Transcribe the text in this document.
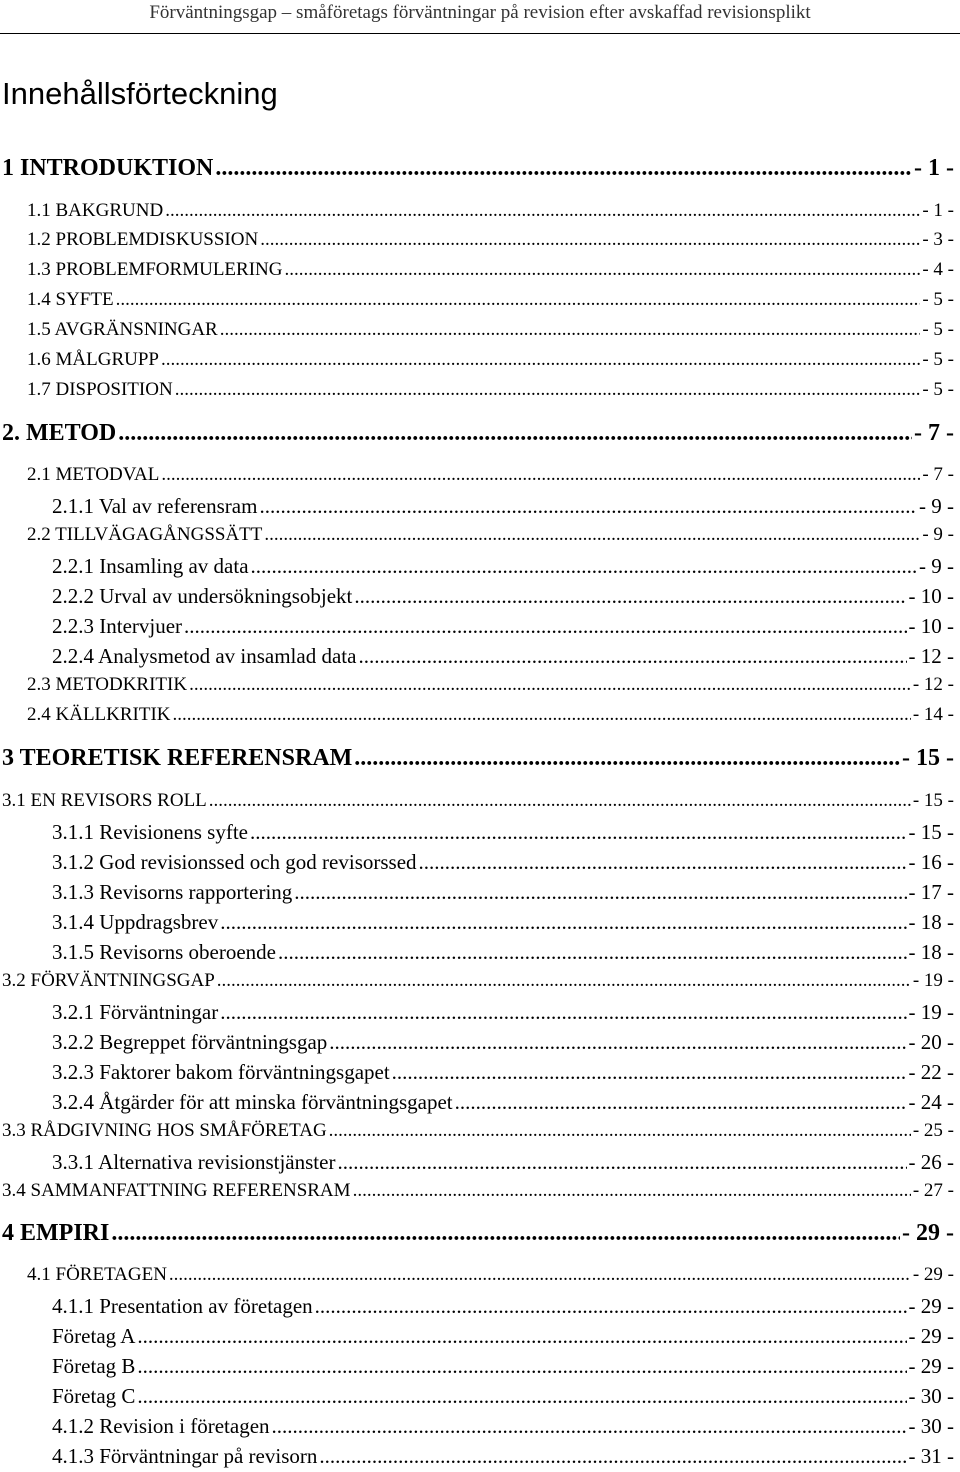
Förväntningsgap – småföretags förväntningar på revision efter avskaffad revisionsplikt
Innehållsförteckning
1 INTRODUKTION .....	- 1 -
1.1 BAKGRUND .....	- 1 -
1.2 PROBLEMDISKUSSION .....	- 3 -
1.3 PROBLEMFORMULERING .....	- 4 -
1.4 SYFTE .....	- 5 -
1.5 AVGRÄNSNINGAR .....	- 5 -
1.6 MÅLGRUPP .....	- 5 -
1.7 DISPOSITION .....	- 5 -
2. METOD .....	- 7 -
2.1 METODVAL .....	- 7 -
2.1.1 Val av referensram .....	- 9 -
2.2 TILLVÄGAGÅNGSSÄTT .....	- 9 -
2.2.1 Insamling av data .....	- 9 -
2.2.2 Urval av undersökningsobjekt .....	- 10 -
2.2.3 Intervjuer .....	- 10 -
2.2.4 Analysmetod av insamlad data .....	- 12 -
2.3 METODKRITIK .....	- 12 -
2.4 KÄLLKRITIK .....	- 14 -
3 TEORETISK REFERENSRAM .....	- 15 -
3.1 EN REVISORS ROLL .....	- 15 -
3.1.1 Revisionens syfte .....	- 15 -
3.1.2 God revisionssed och god revisorssed .....	- 16 -
3.1.3 Revisorns rapportering .....	- 17 -
3.1.4 Uppdragsbrev .....	- 18 -
3.1.5 Revisorns oberoende .....	- 18 -
3.2 FÖRVÄNTNINGSGAP .....	- 19 -
3.2.1 Förväntningar .....	- 19 -
3.2.2 Begreppet förväntningsgap .....	- 20 -
3.2.3 Faktorer bakom förväntningsgapet .....	- 22 -
3.2.4 Åtgärder för att minska förväntningsgapet .....	- 24 -
3.3 RÅDGIVNING HOS SMÅFÖRETAG .....	- 25 -
3.3.1 Alternativa revisionstjänster .....	- 26 -
3.4 SAMMANFATTNING REFERENSRAM .....	- 27 -
4 EMPIRI .....	- 29 -
4.1 FÖRETAGEN .....	- 29 -
4.1.1 Presentation av företagen .....	- 29 -
Företag A .....	- 29 -
Företag B .....	- 29 -
Företag C .....	- 30 -
4.1.2 Revision i företagen .....	- 30 -
4.1.3 Förväntningar på revisorn .....	- 31 -
